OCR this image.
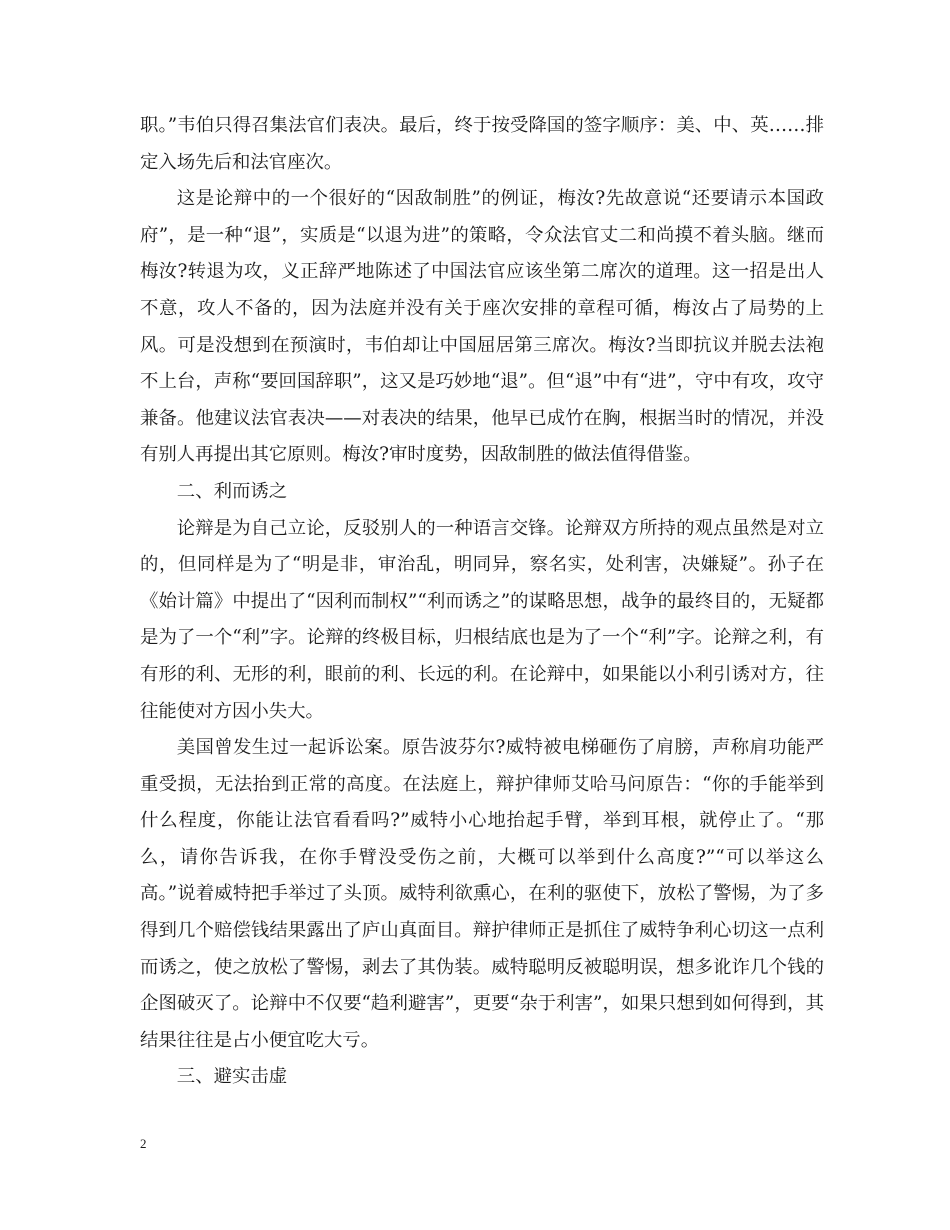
职。”韦伯只得召集法官们表决。最后，终于按受降国的签字顺序：美、中、英……排定入场先后和法官座次。

这是论辩中的一个很好的“因敌制胜”的例证，梅汝?先故意说“还要请示本国政府”，是一种“退”，实质是“以退为进”的策略，令众法官丈二和尚摸不着头脑。继而梅汝?转退为攻，义正辞严地陈述了中国法官应该坐第二席次的道理。这一招是出人不意，攻人不备的，因为法庭并没有关于座次安排的章程可循，梅汝占了局势的上风。可是没想到在预演时，韦伯却让中国屈居第三席次。梅汝?当即抗议并脱去法袍不上台，声称“要回国辞职”，这又是巧妙地“退”。但“退”中有“进”，守中有攻，攻守兼备。他建议法官表决——对表决的结果，他早已成竹在胸，根据当时的情况，并没有别人再提出其它原则。梅汝?审时度势，因敌制胜的做法值得借鉴。

二、利而诱之

论辩是为自己立论，反驳别人的一种语言交锋。论辩双方所持的观点虽然是对立的，但同样是为了“明是非，审治乱，明同异，察名实，处利害，决嫌疑”。孙子在《始计篇》中提出了“因利而制权”“利而诱之”的谋略思想，战争的最终目的，无疑都是为了一个“利”字。论辩的终极目标，归根结底也是为了一个“利”字。论辩之利，有有形的利、无形的利，眼前的利、长远的利。在论辩中，如果能以小利引诱对方，往往能使对方因小失大。

美国曾发生过一起诉讼案。原告波芬尔?威特被电梯砸伤了肩膀，声称肩功能严重受损，无法抬到正常的高度。在法庭上，辩护律师艾哈马问原告：“你的手能举到什么程度，你能让法官看看吗?”威特小心地抬起手臂，举到耳根，就停止了。“那么，请你告诉我，在你手臂没受伤之前，大概可以举到什么高度?”“可以举这么高。”说着威特把手举过了头顶。威特利欲熏心，在利的驱使下，放松了警惕，为了多得到几个赔偿钱结果露出了庐山真面目。辩护律师正是抓住了威特争利心切这一点利而诱之，使之放松了警惕，剥去了其伪装。威特聪明反被聪明误，想多讹诈几个钱的企图破灭了。论辩中不仅要“趋利避害”，更要“杂于利害”，如果只想到如何得到，其结果往往是占小便宜吃大亏。

三、避实击虚

2
